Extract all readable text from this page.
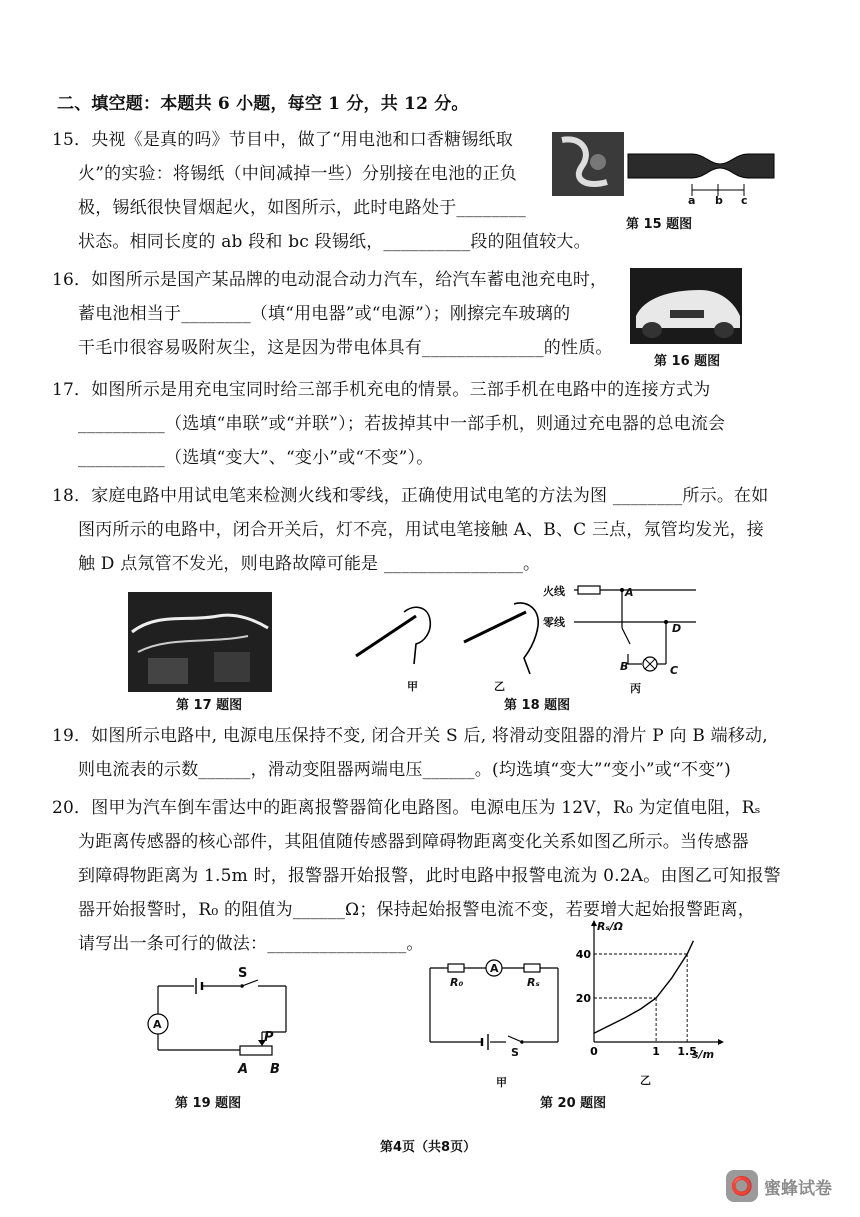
二、填空题：本题共 6 小题，每空 1 分，共 12 分。
15．央视《是真的吗》节目中，做了“用电池和口香糖锡纸取
火”的实验：将锡纸（中间减掉一些）分别接在电池的正负
极，锡纸很快冒烟起火，如图所示，此时电路处于________
状态。相同长度的 ab 段和 bc 段锡纸，__________段的阻值较大。
a b c
第 15 题图
16．如图所示是国产某品牌的电动混合动力汽车，给汽车蓄电池充电时，
蓄电池相当于________（填“用电器”或“电源”）；刚擦完车玻璃的
干毛巾很容易吸附灰尘，这是因为带电体具有______________的性质。
第 16 题图
17．如图所示是用充电宝同时给三部手机充电的情景。三部手机在电路中的连接方式为
__________（选填“串联”或“并联”）；若拔掉其中一部手机，则通过充电器的总电流会
__________（选填“变大”、“变小”或“不变”）。
18．家庭电路中用试电笔来检测火线和零线，正确使用试电笔的方法为图 ________所示。在如
图丙所示的电路中，闭合开关后，灯不亮，用试电笔接触 A、B、C 三点，氖管均发光，接
触 D 点氖管不发光，则电路故障可能是 ________________。
第 17 题图
甲	乙
第 18 题图
火线
零线
A
B	C
D
丙
19．如图所示电路中, 电源电压保持不变, 闭合开关 S 后, 将滑动变阻器的滑片 P 向 B 端移动,
则电流表的示数______，滑动变阻器两端电压______。(均选填“变大”“变小”或“不变”)
20．图甲为汽车倒车雷达中的距离报警器简化电路图。电源电压为 12V，R₀ 为定值电阻，Rₛ
为距离传感器的核心部件，其阻值随传感器到障碍物距离变化关系如图乙所示。当传感器
到障碍物距离为 1.5m 时，报警器开始报警，此时电路中报警电流为 0.2A。由图乙可知报警
器开始报警时，R₀ 的阻值为______Ω；保持起始报警电流不变，若要增大起始报警距离，
请写出一条可行的做法：________________。
A
S
P
A B
第 19 题图
A
R₀	Rₛ
S
甲
0	1 1.5
20
40
Rₛ/Ω
s/m
乙
第 20 题图
第4页（共8页）
⭕ 蜜蜂试卷
